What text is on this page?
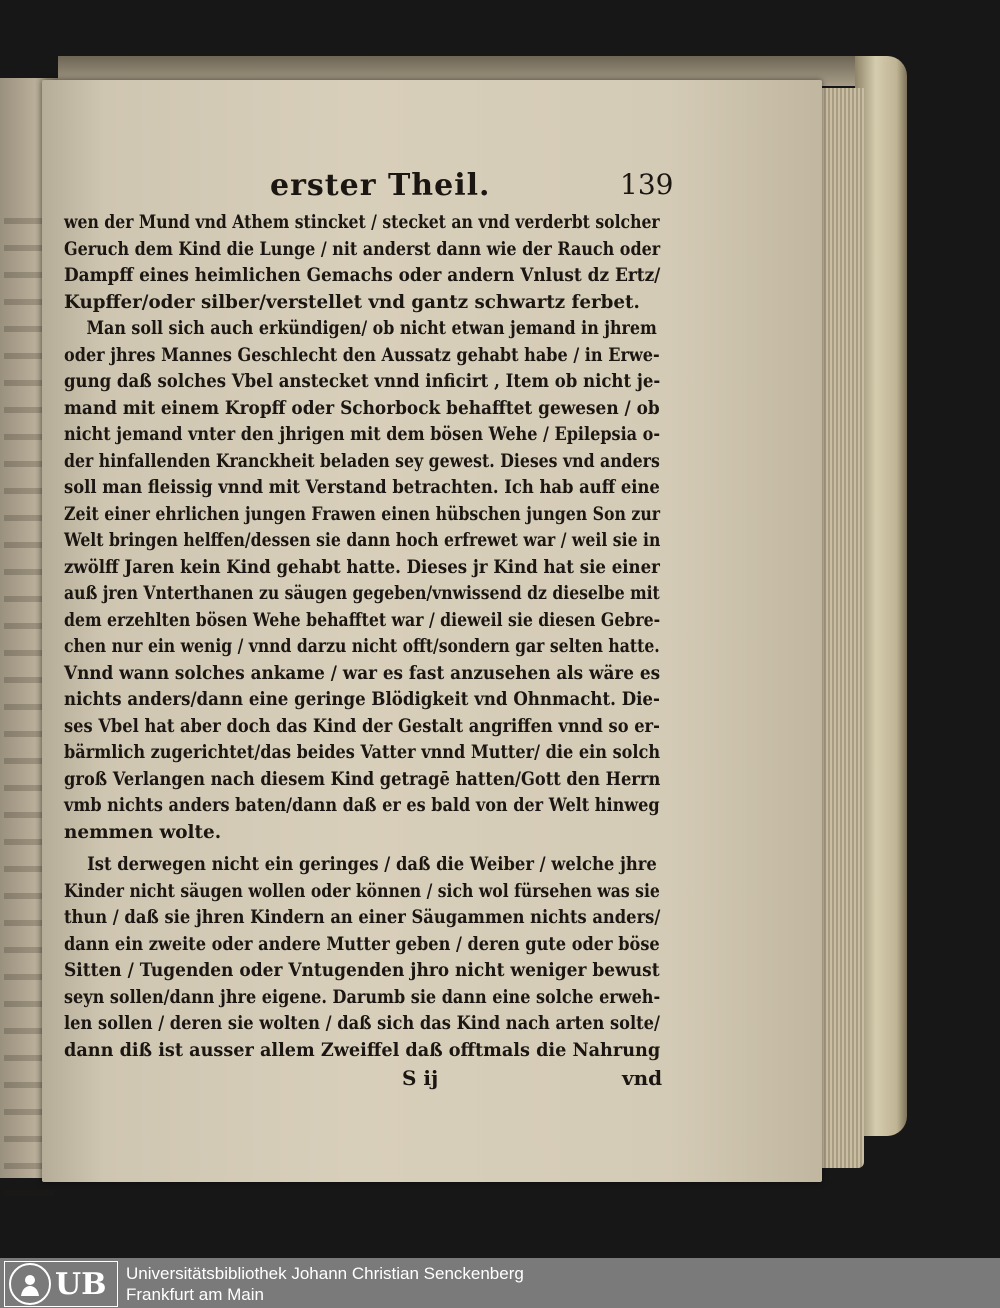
erster Theil.	139
wen der Mund vnd Athem stincket / stecket an vnd verderbt solcher
Geruch dem Kind die Lunge / nit anderst dann wie der Rauch oder
Dampff eines heimlichen Gemachs oder andern Vnlust dz Ertz/
Kupffer/oder silber/verstellet vnd gantz schwartz ferbet.
Man soll sich auch erkündigen/ ob nicht etwan jemand in jhrem
oder jhres Mannes Geschlecht den Aussatz gehabt habe / in Erwe-
gung daß solches Vbel anstecket vnnd inficirt , Item ob nicht je-
mand mit einem Kropff oder Schorbock behafftet gewesen / ob
nicht jemand vnter den jhrigen mit dem bösen Wehe / Epilepsia o-
der hinfallenden Kranckheit beladen sey gewest. Dieses vnd anders
soll man fleissig vnnd mit Verstand betrachten. Ich hab auff eine
Zeit einer ehrlichen jungen Frawen einen hübschen jungen Son zur
Welt bringen helffen/dessen sie dann hoch erfrewet war / weil sie in
zwölff Jaren kein Kind gehabt hatte. Dieses jr Kind hat sie einer
auß jren Vnterthanen zu säugen gegeben/vnwissend dz dieselbe mit
dem erzehlten bösen Wehe behafftet war / dieweil sie diesen Gebre-
chen nur ein wenig / vnnd darzu nicht offt/sondern gar selten hatte.
Vnnd wann solches ankame / war es fast anzusehen als wäre es
nichts anders/dann eine geringe Blödigkeit vnd Ohnmacht. Die-
ses Vbel hat aber doch das Kind der Gestalt angriffen vnnd so er-
bärmlich zugerichtet/das beides Vatter vnnd Mutter/ die ein solch
groß Verlangen nach diesem Kind getragē hatten/Gott den Herrn
vmb nichts anders baten/dann daß er es bald von der Welt hinweg
nemmen wolte.
Ist derwegen nicht ein geringes / daß die Weiber / welche jhre
Kinder nicht säugen wollen oder können / sich wol fürsehen was sie
thun / daß sie jhren Kindern an einer Säugammen nichts anders/
dann ein zweite oder andere Mutter geben / deren gute oder böse
Sitten / Tugenden oder Vntugenden jhro nicht weniger bewust
seyn sollen/dann jhre eigene. Darumb sie dann eine solche erweh-
len sollen / deren sie wolten / daß sich das Kind nach arten solte/
dann diß ist ausser allem Zweiffel daß offtmals die Nahrung
S ij	vnd
UB Universitätsbibliothek Johann Christian Senckenberg
Frankfurt am Main
